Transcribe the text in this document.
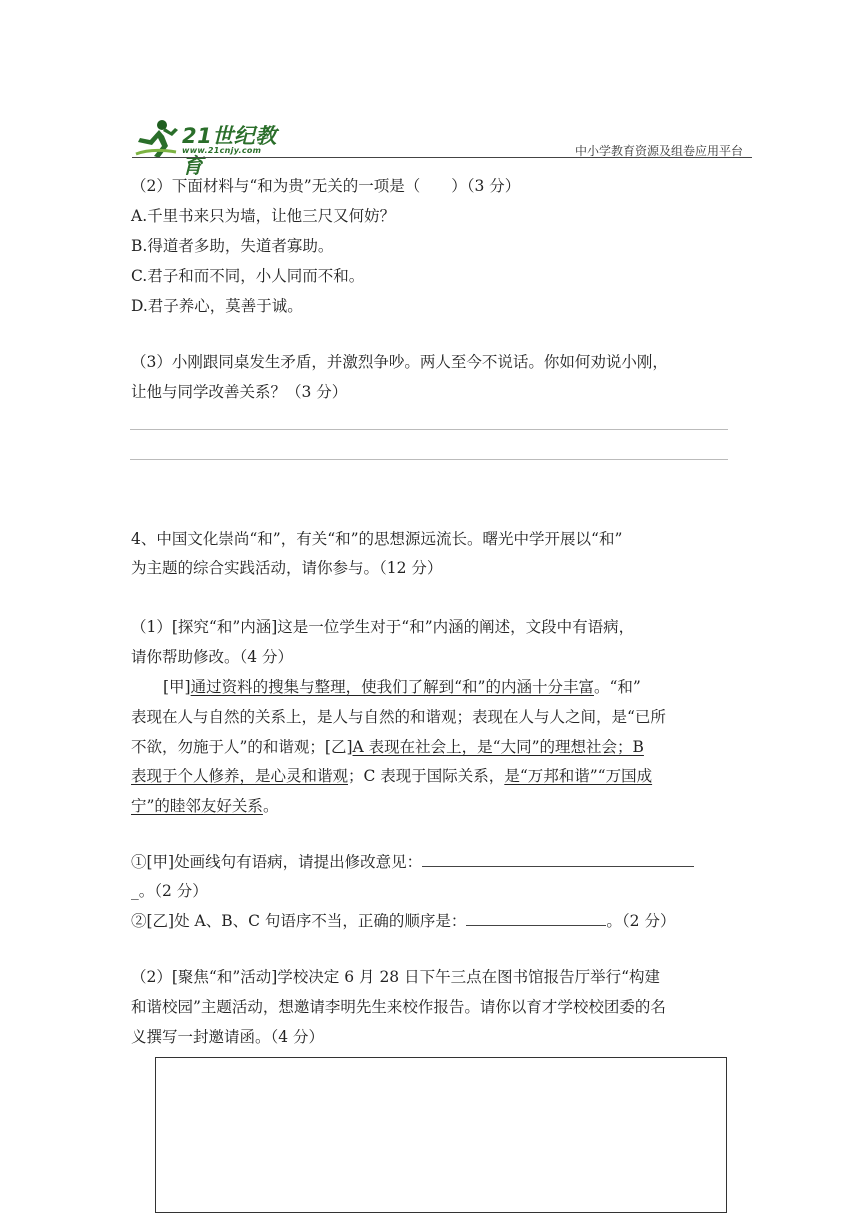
21世纪教育
www.21cnjy.com	中小学教育资源及组卷应用平台
（2）下面材料与“和为贵”无关的一项是（　　）（3 分）
A.千里书来只为墙，让他三尺又何妨？
B.得道者多助，失道者寡助。
C.君子和而不同，小人同而不和。
D.君子养心，莫善于诚。
（3）小刚跟同桌发生矛盾，并激烈争吵。两人至今不说话。你如何劝说小刚，
让他与同学改善关系？（3 分）
4、中国文化崇尚“和”，有关“和”的思想源远流长。曙光中学开展以“和”
为主题的综合实践活动，请你参与。（12 分）
（1）[探究“和”内涵]这是一位学生对于“和”内涵的阐述，文段中有语病，
请你帮助修改。（4 分）
[甲]通过资料的搜集与整理，使我们了解到“和”的内涵十分丰富。“和”
表现在人与自然的关系上，是人与自然的和谐观；表现在人与人之间，是“已所
不欲，勿施于人”的和谐观；[乙]A 表现在社会上，是“大同”的理想社会；B
表现于个人修养，是心灵和谐观；C 表现于国际关系，是“万邦和谐”“万国成
宁”的睦邻友好关系。
①[甲]处画线句有语病，请提出修改意见：
_。（2 分）
②[乙]处 A、B、C 句语序不当，正确的顺序是：	。（2 分）
（2）[聚焦“和”活动]学校决定 6 月 28 日下午三点在图书馆报告厅举行“构建
和谐校园”主题活动，想邀请李明先生来校作报告。请你以育才学校校团委的名
义撰写一封邀请函。（4 分）
